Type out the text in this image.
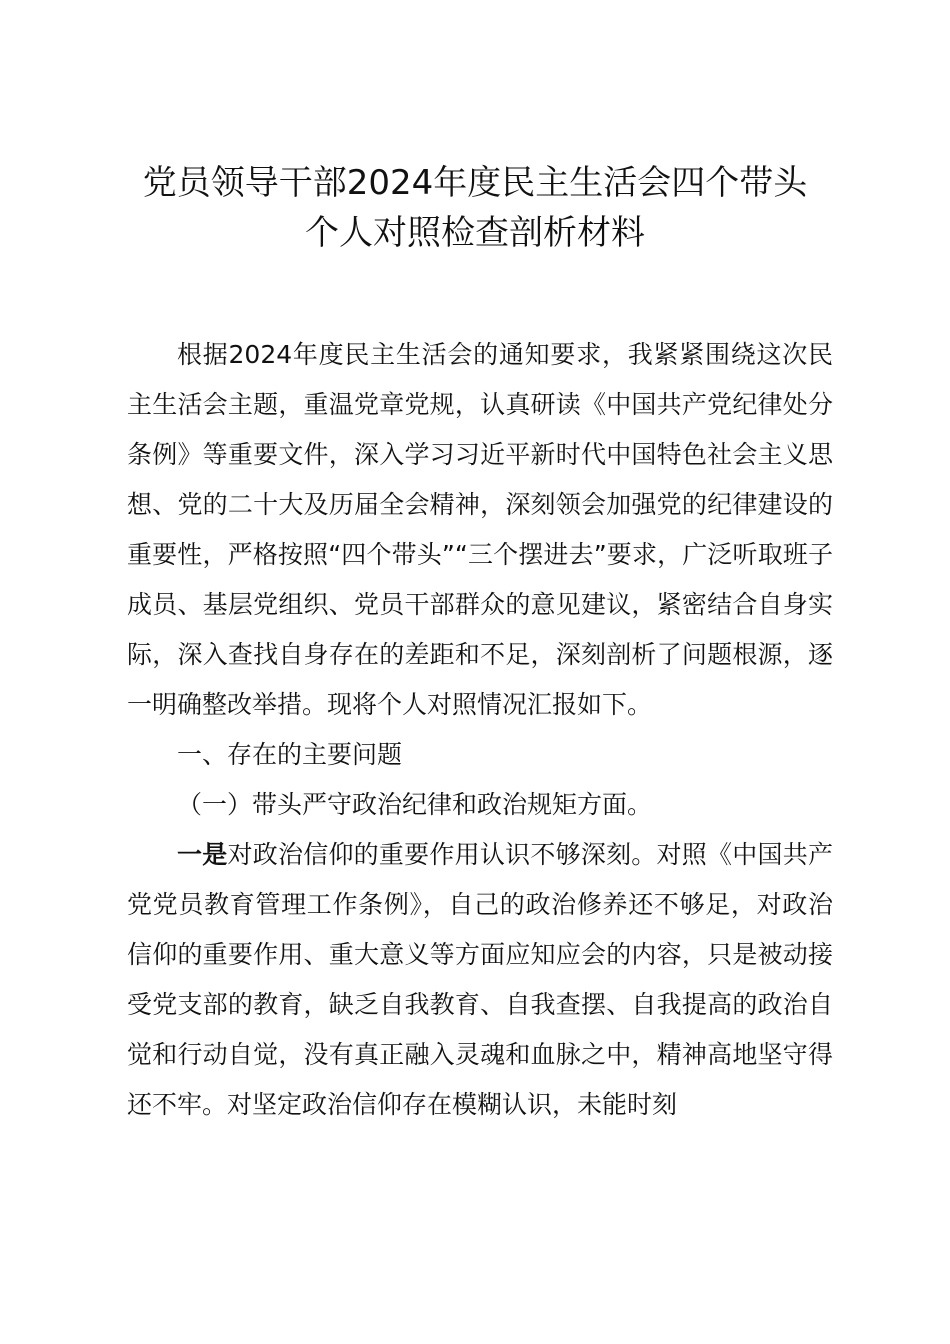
党员领导干部2024年度民主生活会四个带头
个人对照检查剖析材料

根据2024年度民主生活会的通知要求，我紧紧围绕这次民主生活会主题，重温党章党规，认真研读《中国共产党纪律处分条例》等重要文件，深入学习习近平新时代中国特色社会主义思想、党的二十大及历届全会精神，深刻领会加强党的纪律建设的重要性，严格按照“四个带头”“三个摆进去”要求，广泛听取班子成员、基层党组织、党员干部群众的意见建议，紧密结合自身实际，深入查找自身存在的差距和不足，深刻剖析了问题根源，逐一明确整改举措。现将个人对照情况汇报如下。

一、存在的主要问题

（一）带头严守政治纪律和政治规矩方面。

一是对政治信仰的重要作用认识不够深刻。对照《中国共产党党员教育管理工作条例》，自己的政治修养还不够足，对政治信仰的重要作用、重大意义等方面应知应会的内容，只是被动接受党支部的教育，缺乏自我教育、自我查摆、自我提高的政治自觉和行动自觉，没有真正融入灵魂和血脉之中，精神高地坚守得还不牢。对坚定政治信仰存在模糊认识，未能时刻
